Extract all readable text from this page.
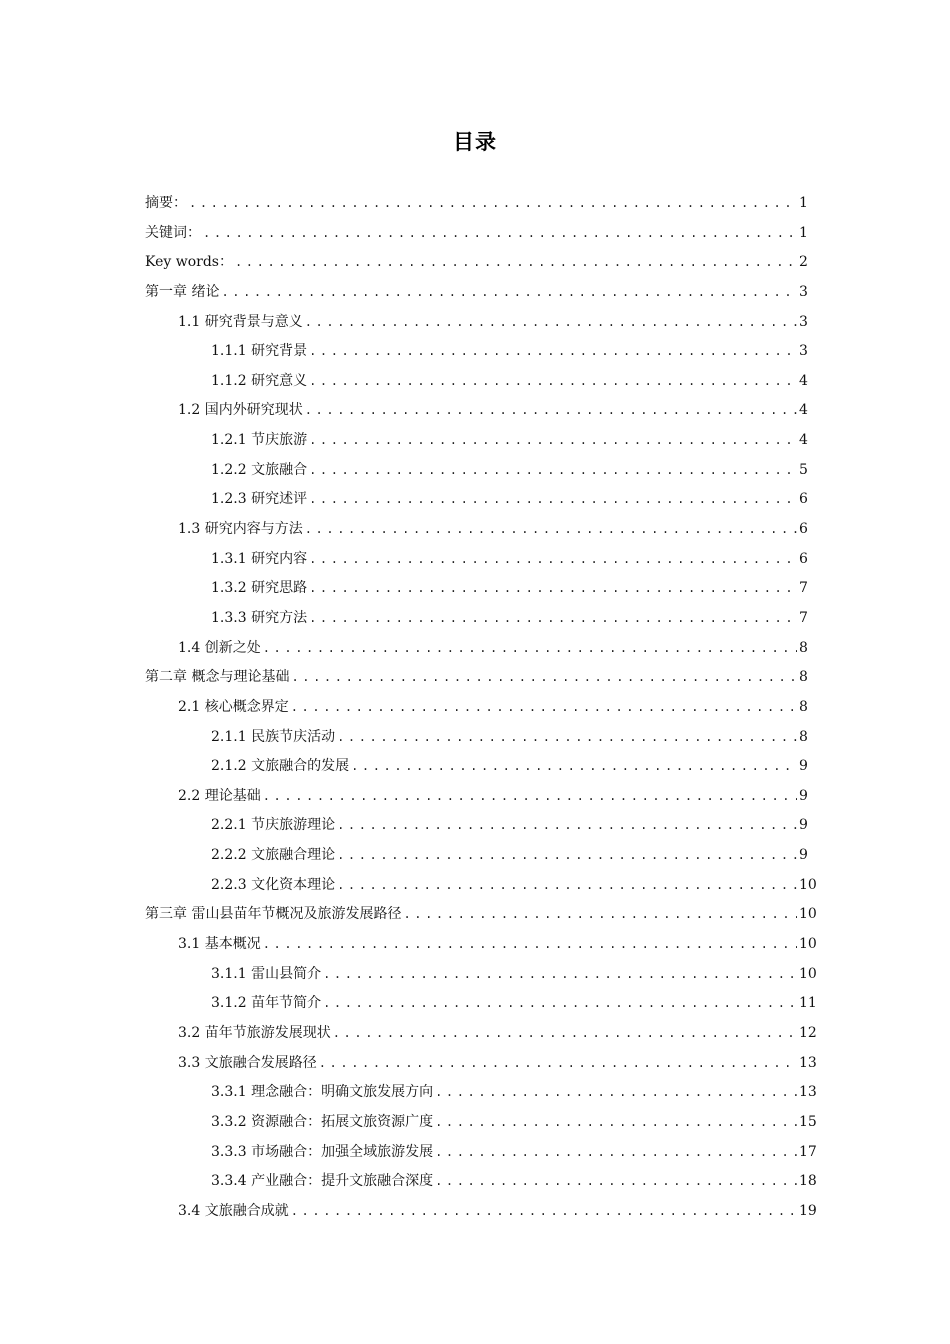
目录
摘要： .....	1
关键词： .....	1
Key words： .....	2
第一章 绪论 .....	3
1.1 研究背景与意义 .....	3
1.1.1 研究背景 .....	3
1.1.2 研究意义 .....	4
1.2 国内外研究现状 .....	4
1.2.1 节庆旅游 .....	4
1.2.2 文旅融合 .....	5
1.2.3 研究述评 .....	6
1.3 研究内容与方法 .....	6
1.3.1 研究内容 .....	6
1.3.2 研究思路 .....	7
1.3.3 研究方法 .....	7
1.4 创新之处 .....	8
第二章 概念与理论基础 .....	8
2.1 核心概念界定 .....	8
2.1.1 民族节庆活动 .....	8
2.1.2 文旅融合的发展 .....	9
2.2 理论基础 .....	9
2.2.1 节庆旅游理论 .....	9
2.2.2 文旅融合理论 .....	9
2.2.3 文化资本理论 .....	10
第三章 雷山县苗年节概况及旅游发展路径 .....	10
3.1 基本概况 .....	10
3.1.1 雷山县简介 .....	10
3.1.2 苗年节简介 .....	11
3.2 苗年节旅游发展现状 .....	12
3.3 文旅融合发展路径 .....	13
3.3.1 理念融合：明确文旅发展方向 .....	13
3.3.2 资源融合：拓展文旅资源广度 .....	15
3.3.3 市场融合：加强全域旅游发展 .....	17
3.3.4 产业融合：提升文旅融合深度 .....	18
3.4 文旅融合成就 .....	19
